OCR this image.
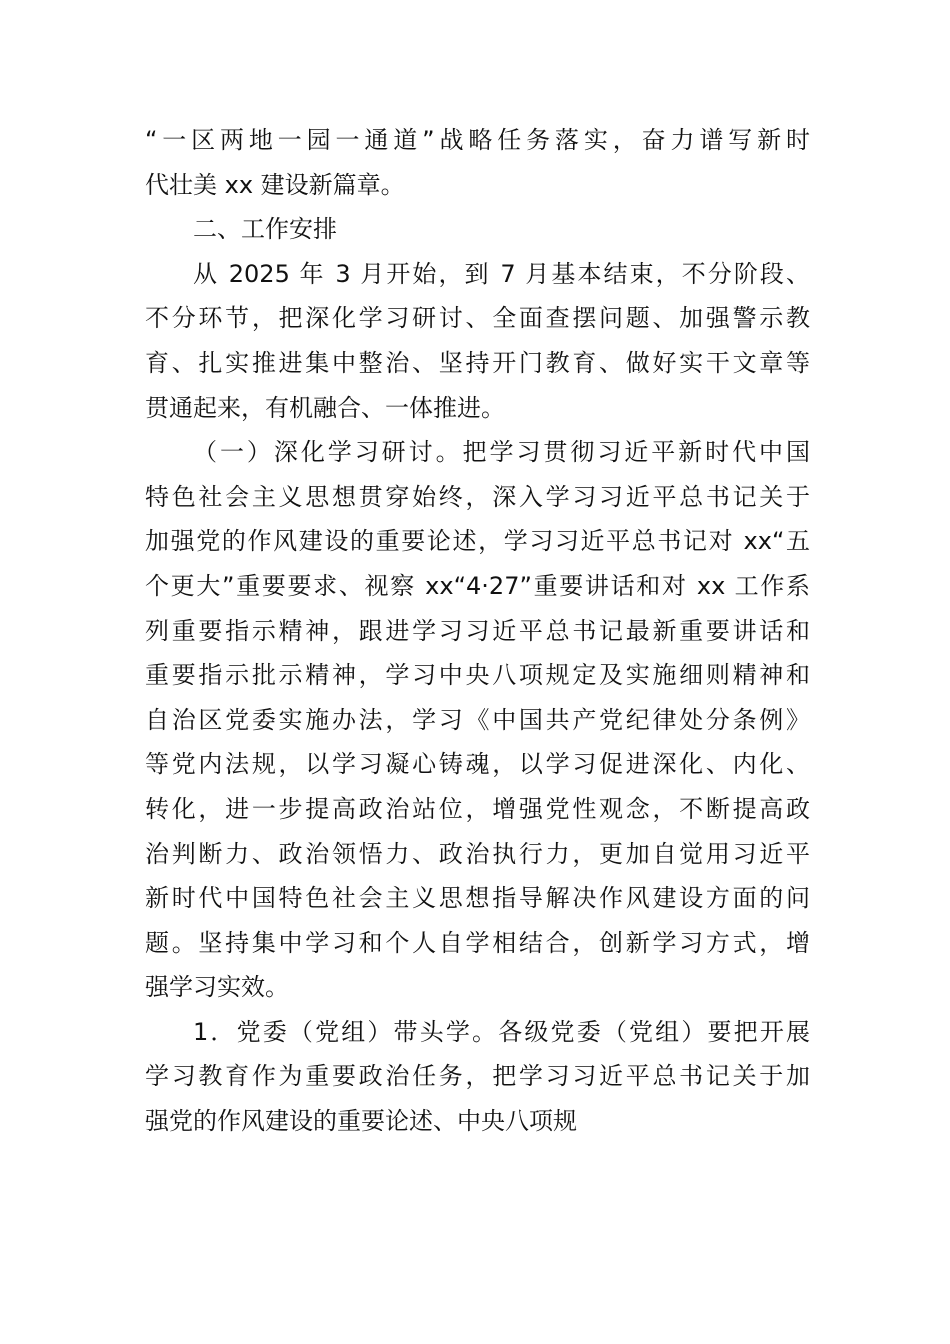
“一区两地一园一通道”战略任务落实，奋力谱写新时
代壮美 xx 建设新篇章。
二、工作安排
从 2025 年 3 月开始，到 7 月基本结束，不分阶段、
不分环节，把深化学习研讨、全面查摆问题、加强警示教
育、扎实推进集中整治、坚持开门教育、做好实干文章等
贯通起来，有机融合、一体推进。
（一）深化学习研讨。把学习贯彻习近平新时代中国
特色社会主义思想贯穿始终，深入学习习近平总书记关于
加强党的作风建设的重要论述，学习习近平总书记对 xx“五
个更大”重要要求、视察 xx“4·27”重要讲话和对 xx 工作系
列重要指示精神，跟进学习习近平总书记最新重要讲话和
重要指示批示精神，学习中央八项规定及实施细则精神和
自治区党委实施办法，学习《中国共产党纪律处分条例》
等党内法规，以学习凝心铸魂，以学习促进深化、内化、
转化，进一步提高政治站位，增强党性观念，不断提高政
治判断力、政治领悟力、政治执行力，更加自觉用习近平
新时代中国特色社会主义思想指导解决作风建设方面的问
题。坚持集中学习和个人自学相结合，创新学习方式，增
强学习实效。
1．党委（党组）带头学。各级党委（党组）要把开展
学习教育作为重要政治任务，把学习习近平总书记关于加
强党的作风建设的重要论述、中央八项规
